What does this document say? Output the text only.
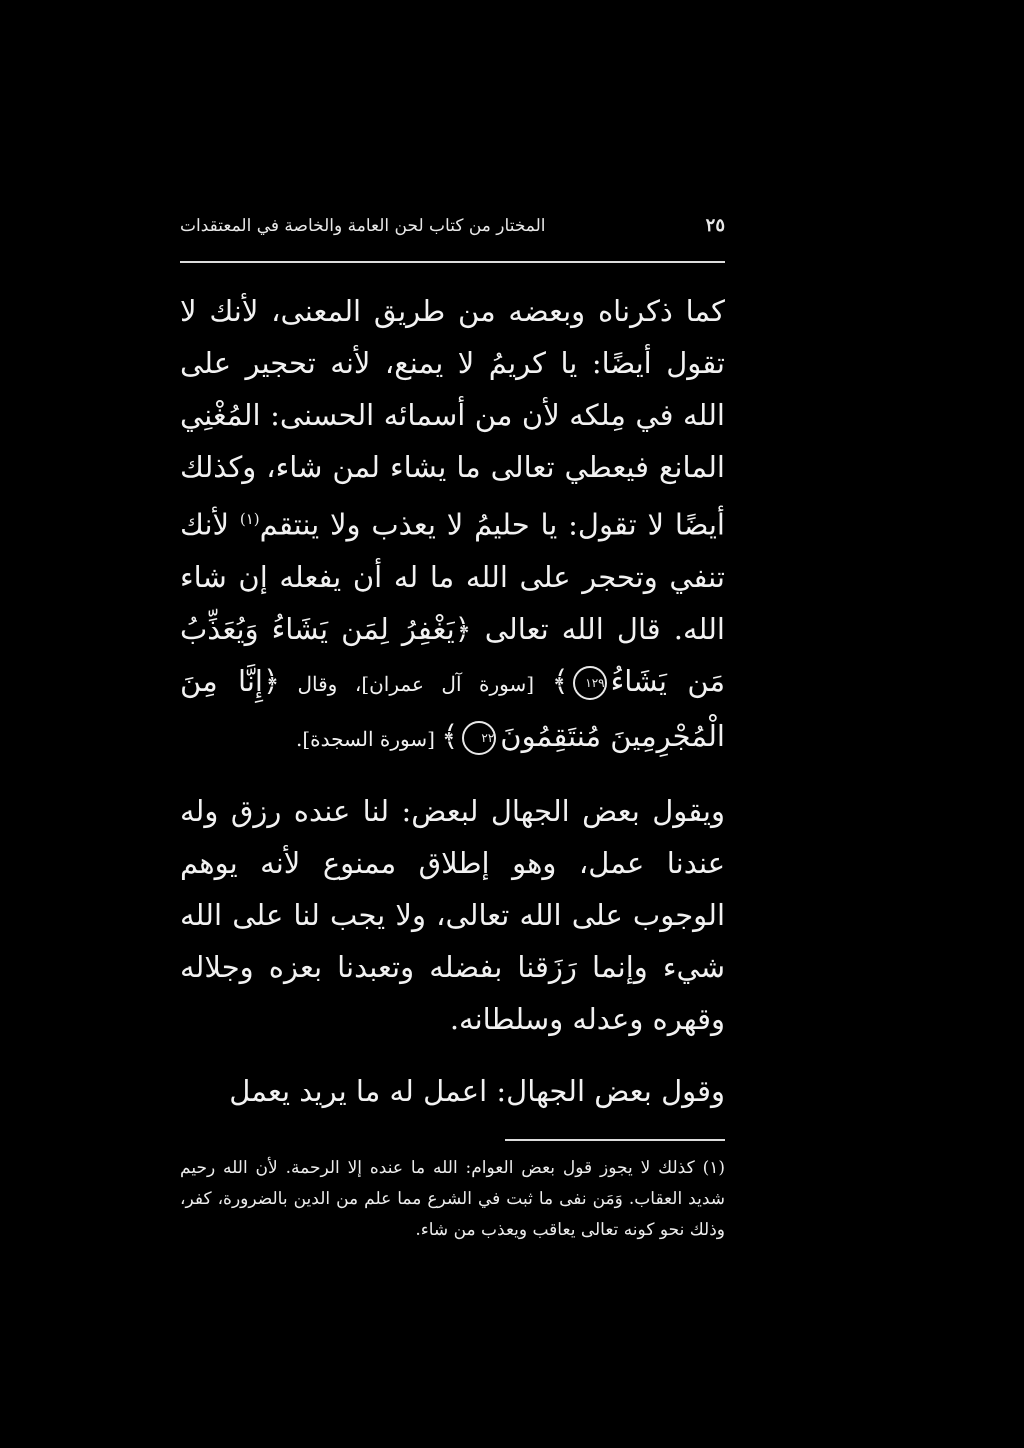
٢٥
المختار من كتاب لحن العامة والخاصة في المعتقدات

كما ذكرناه وبعضه من طريق المعنى، لأنك لا تقول أيضًا: يا كريمُ لا يمنع، لأنه تحجير على الله في مِلكه لأن من أسمائه الحسنى: المُغْنِي المانع فيعطي تعالى ما يشاء لمن شاء، وكذلك أيضًا لا تقول: يا حليمُ لا يعذب ولا ينتقم$^{(١)}$ لأنك تنفي وتحجر على الله ما له أن يفعله إن شاء الله. قال الله تعالى ﴿يَغْفِرُ لِمَن يَشَاءُ وَيُعَذِّبُ مَن يَشَاءُ١٢٩﴾ [سورة آل عمران]، وقال ﴿إِنَّا مِنَ الْمُجْرِمِينَ مُنتَقِمُونَ٢٢﴾ [سورة السجدة].

ويقول بعض الجهال لبعض: لنا عنده رزق وله عندنا عمل، وهو إطلاق ممنوع لأنه يوهم الوجوب على الله تعالى، ولا يجب لنا على الله شيء وإنما رَزَقنا بفضله وتعبدنا بعزه وجلاله وقهره وعدله وسلطانه.

وقول بعض الجهال: اعمل له ما يريد يعمل

(١) كذلك لا يجوز قول بعض العوام: الله ما عنده إلا الرحمة. لأن الله رحيم شديد العقاب. وَمَن نفى ما ثبت في الشرع مما علم من الدين بالضرورة، كفر، وذلك نحو كونه تعالى يعاقب ويعذب من شاء.
